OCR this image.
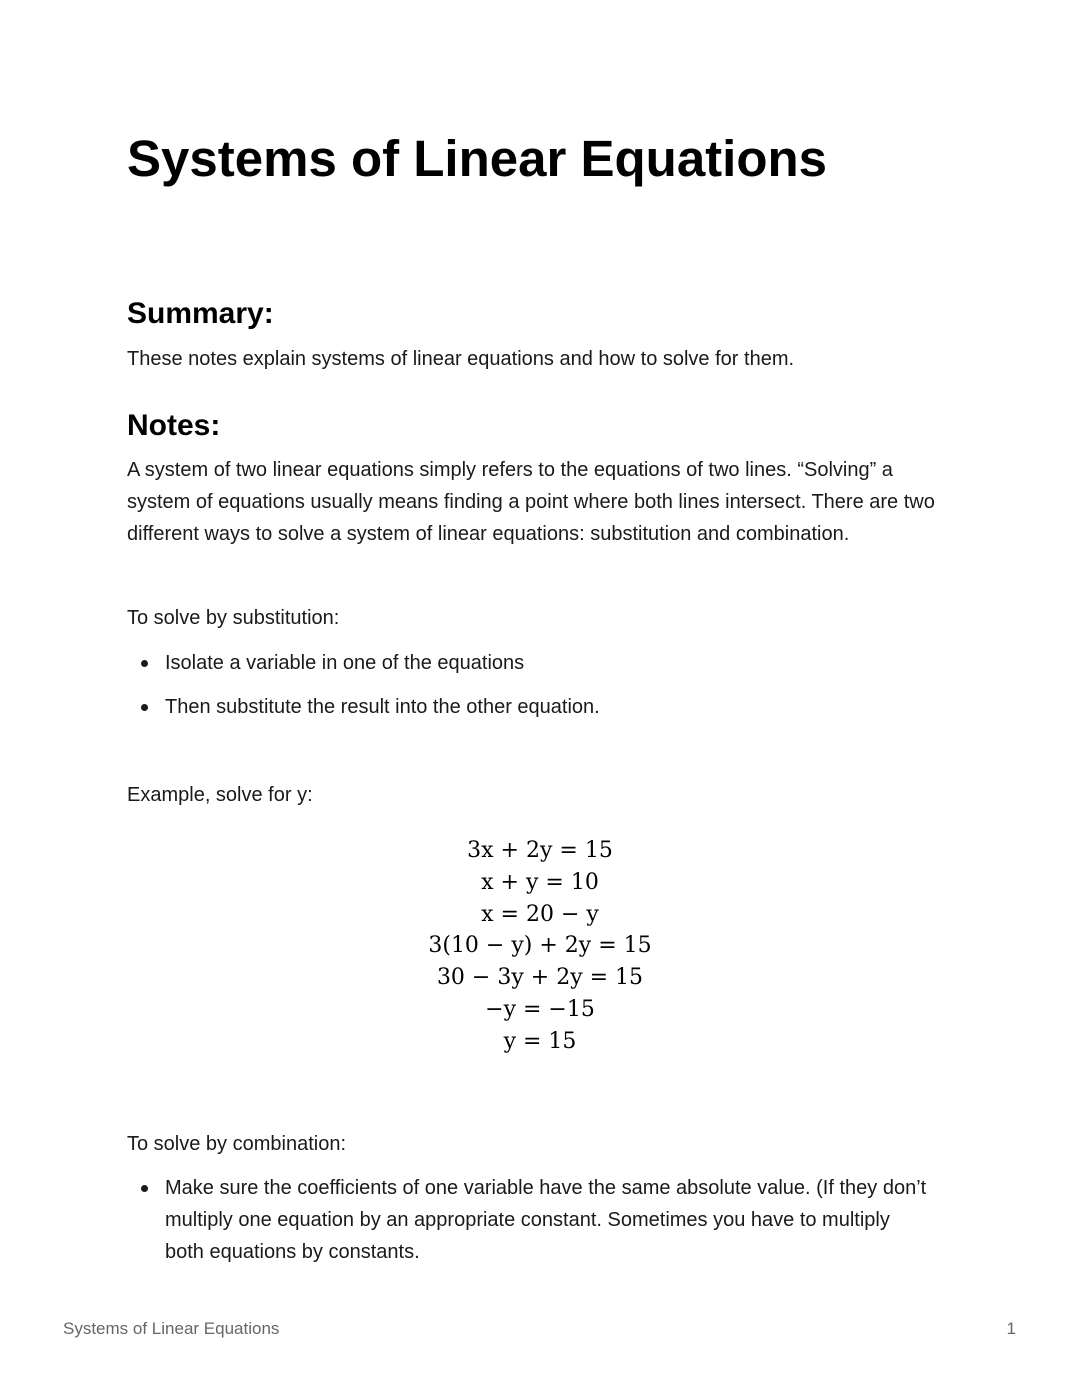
Systems of Linear Equations
Summary:

These notes explain systems of linear equations and how to solve for them.

Notes:

A system of two linear equations simply refers to the equations of two lines. “Solving” a system of equations usually means finding a point where both lines intersect. There are two different ways to solve a system of linear equations: substitution and combination.

To solve by substitution:

Isolate a variable in one of the equations
Then substitute the result into the other equation.

Example, solve for y:

3x + 2y = 15
x + y = 10
x = 20 − y
3(10 − y) + 2y = 15
30 − 3y + 2y = 15
−y = −15
y = 15

To solve by combination:

Make sure the coefficients of one variable have the same absolute value. (If they don’t multiply one equation by an appropriate constant. Sometimes you have to multiply both equations by constants.
Systems of Linear Equations	1
